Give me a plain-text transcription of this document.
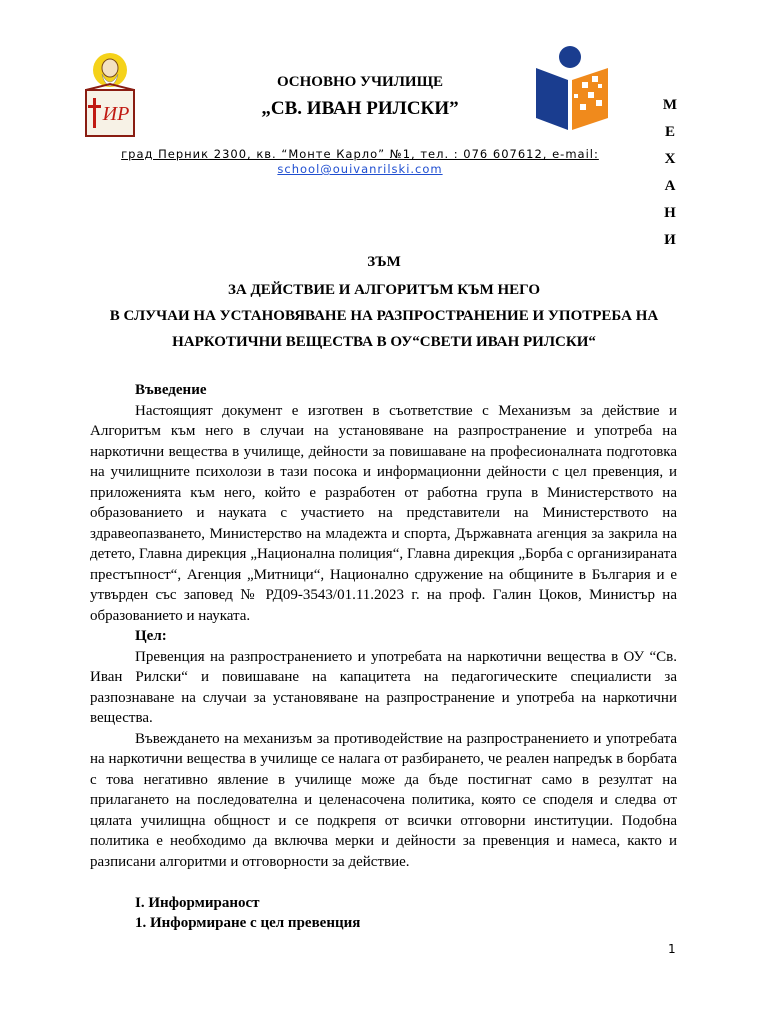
ИР
ОСНОВНО УЧИЛИЩЕ
„СВ. ИВАН РИЛСКИ”
град Перник 2300, кв. “Монте Карло” №1, тел. : 076 607612, e-mail:
school@ouivanrilski.com
М
Е
Х
А
Н
И
ЗЪМ
ЗА ДЕЙСТВИЕ И АЛГОРИТЪМ КЪМ НЕГО
В СЛУЧАИ НА УСТАНОВЯВАНЕ НА РАЗПРОСТРАНЕНИЕ И УПОТРЕБА НА
НАРКОТИЧНИ ВЕЩЕСТВА В ОУ“СВЕТИ ИВАН РИЛСКИ“
Въведение

Настоящият документ е изготвен в съответствие с Механизъм за действие и Алгоритъм към него в случаи на установяване на разпространение и употреба на наркотични вещества в училище, дейности за повишаване на професионалната подготовка на училищните психолози в тази посока и информационни дейности с цел превенция, и приложенията към него, който е разработен от работна група в Министерството на образованието и науката с участието на представители на Министерството на здравеопазването, Министерство на младежта и спорта, Държавната агенция за закрила на детето, Главна дирекция „Национална полиция“, Главна дирекция „Борба с организираната престъпност“, Агенция „Митници“, Национално сдружение на общините в България и е утвърден със заповед № РД09-3543/01.11.2023 г. на проф. Галин Цоков, Министър на образованието и науката.

Цел:

Превенция на разпространението и употребата на наркотични вещества в ОУ “Св. Иван Рилски“ и повишаване на капацитета на педагогическите специалисти за разпознаване на случаи за установяване на разпространение и употреба на наркотични вещества.

Въвеждането на механизъм за противодействие на разпространението и употребата на наркотични вещества в училище се налага от разбирането, че реален напредък в борбата с това негативно явление в училище може да бъде постигнат само в резултат на прилагането на последователна и целенасочена политика, която се споделя и следва от цялата училищна общност и се подкрепя от всички отговорни институции. Подобна политика е необходимо да включва мерки и дейности за превенция и намеса, както и разписани алгоритми и отговорности за действие.

I. Информираност
1. Информиране с цел превенция
1
